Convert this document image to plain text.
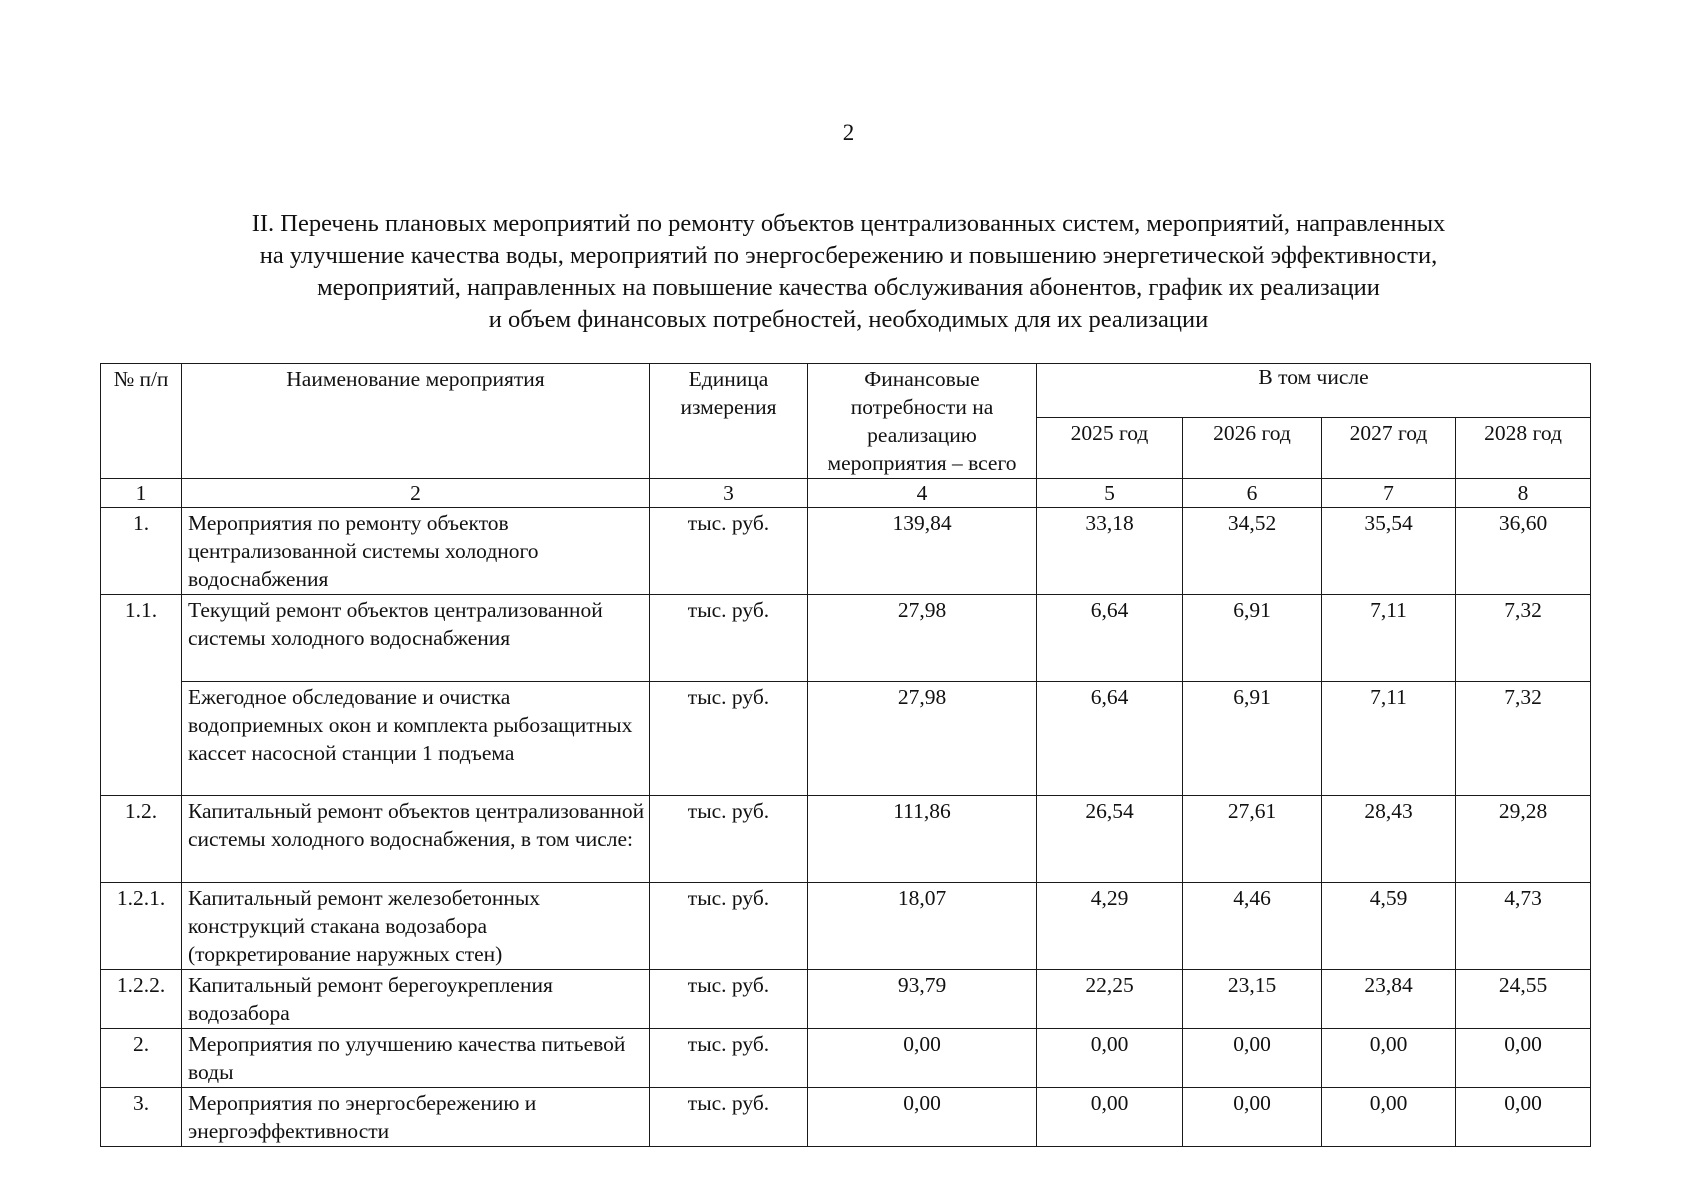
2
II. Перечень плановых мероприятий по ремонту объектов централизованных систем, мероприятий, направленных
на улучшение качества воды, мероприятий по энергосбережению и повышению энергетической эффективности,
мероприятий, направленных на повышение качества обслуживания абонентов, график их реализации
и объем финансовых потребностей, необходимых для их реализации
№ п/п	Наименование мероприятия	Единица измерения	Финансовые потребности на реализацию мероприятия – всего	В том числе			
				2025 год	2026 год	2027 год	2028 год
1	2	3	4	5	6	7	8
1.	Мероприятия по ремонту объектов централизованной системы холодного водоснабжения	тыс. руб.	139,84	33,18	34,52	35,54	36,60
1.1.	Текущий ремонт объектов централизованной системы холодного водоснабжения	тыс. руб.	27,98	6,64	6,91	7,11	7,32
	Ежегодное обследование и очистка водоприемных окон и комплекта рыбозащитных кассет насосной станции 1 подъема	тыс. руб.	27,98	6,64	6,91	7,11	7,32
1.2.	Капитальный ремонт объектов централизованной системы холодного водоснабжения, в том числе:	тыс. руб.	111,86	26,54	27,61	28,43	29,28
1.2.1.	Капитальный ремонт железобетонных конструкций стакана водозабора (торкретирование наружных стен)	тыс. руб.	18,07	4,29	4,46	4,59	4,73
1.2.2.	Капитальный ремонт берегоукрепления водозабора	тыс. руб.	93,79	22,25	23,15	23,84	24,55
2.	Мероприятия по улучшению качества питьевой воды	тыс. руб.	0,00	0,00	0,00	0,00	0,00
3.	Мероприятия по энергосбережению и энергоэффективности	тыс. руб.	0,00	0,00	0,00	0,00	0,00
